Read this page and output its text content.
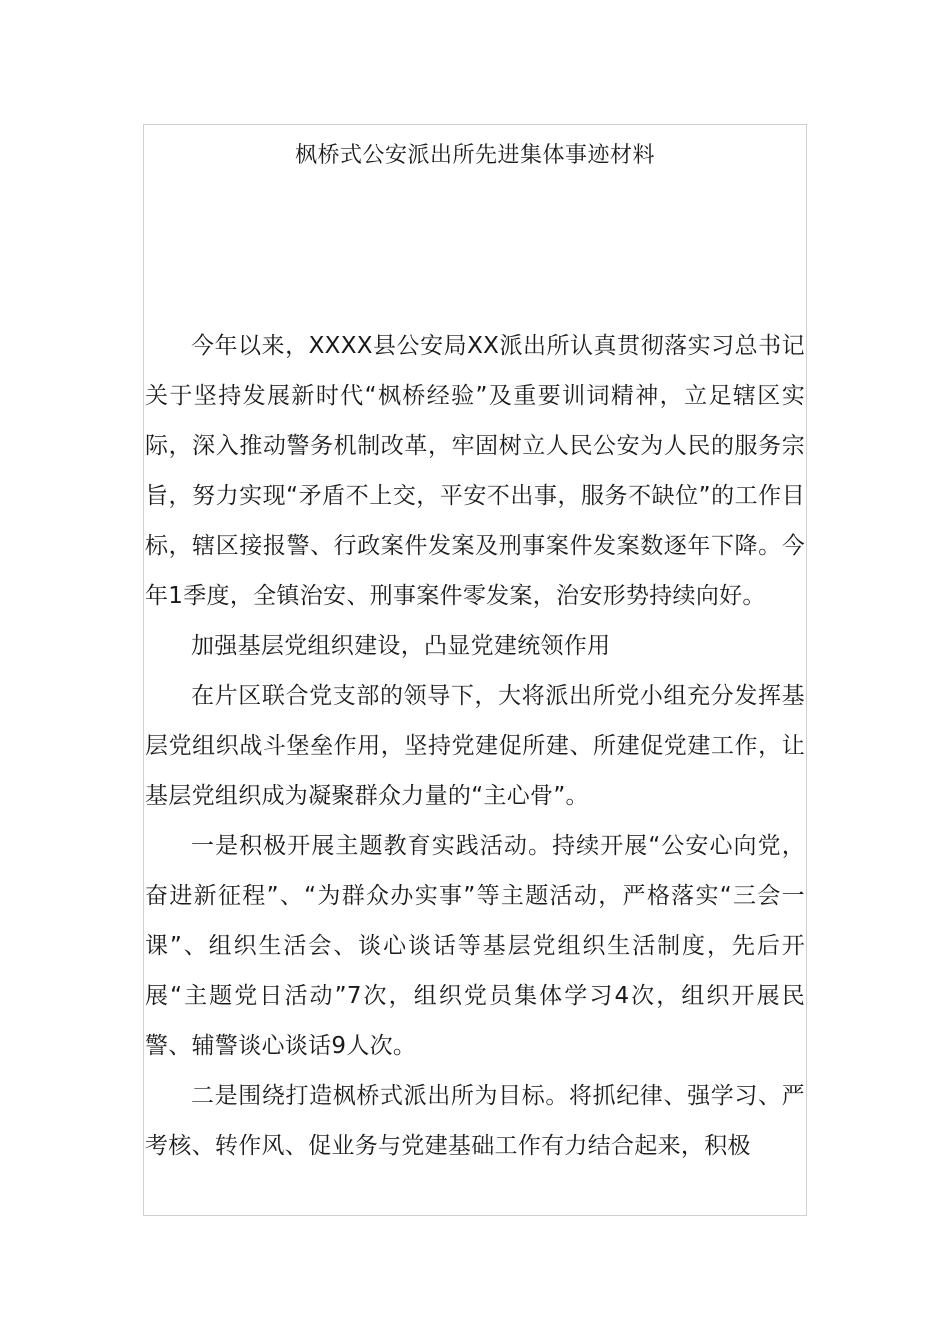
枫桥式公安派出所先进集体事迹材料

今年以来，XXXX县公安局XX派出所认真贯彻落实习总书记关于坚持发展新时代“枫桥经验”及重要训词精神，立足辖区实际，深入推动警务机制改革，牢固树立人民公安为人民的服务宗旨，努力实现“矛盾不上交，平安不出事，服务不缺位”的工作目标，辖区接报警、行政案件发案及刑事案件发案数逐年下降。今年1季度，全镇治安、刑事案件零发案，治安形势持续向好。

加强基层党组织建设，凸显党建统领作用

在片区联合党支部的领导下，大将派出所党小组充分发挥基层党组织战斗堡垒作用，坚持党建促所建、所建促党建工作，让基层党组织成为凝聚群众力量的“主心骨”。

一是积极开展主题教育实践活动。持续开展“公安心向党，奋进新征程”、“为群众办实事”等主题活动，严格落实“三会一课”、组织生活会、谈心谈话等基层党组织生活制度，先后开展“主题党日活动”7次，组织党员集体学习4次，组织开展民警、辅警谈心谈话9人次。

二是围绕打造枫桥式派出所为目标。将抓纪律、强学习、严考核、转作风、促业务与党建基础工作有力结合起来，积极
